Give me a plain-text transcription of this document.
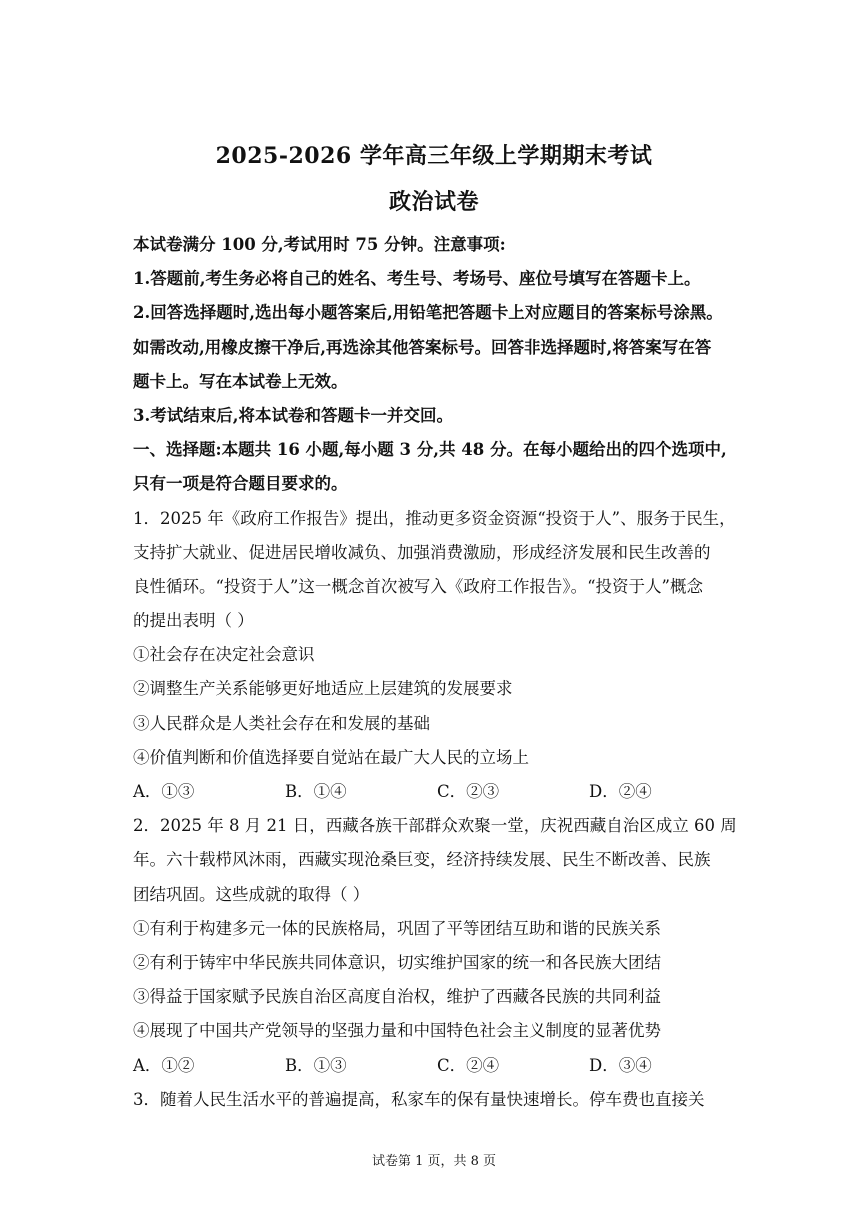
2025-2026 学年高三年级上学期期末考试
政治试卷
本试卷满分 100 分,考试用时 75 分钟。注意事项:
1.答题前,考生务必将自己的姓名、考生号、考场号、座位号填写在答题卡上。
2.回答选择题时,选出每小题答案后,用铅笔把答题卡上对应题目的答案标号涂黑。
如需改动,用橡皮擦干净后,再选涂其他答案标号。回答非选择题时,将答案写在答
题卡上。写在本试卷上无效。
3.考试结束后,将本试卷和答题卡一并交回。
一、选择题:本题共 16 小题,每小题 3 分,共 48 分。在每小题给出的四个选项中,
只有一项是符合题目要求的。
1．2025 年《政府工作报告》提出，推动更多资金资源“投资于人”、服务于民生，
支持扩大就业、促进居民增收减负、加强消费激励，形成经济发展和民生改善的
良性循环。“投资于人”这一概念首次被写入《政府工作报告》。“投资于人”概念
的提出表明（ ）
①社会存在决定社会意识
②调整生产关系能够更好地适应上层建筑的发展要求
③人民群众是人类社会存在和发展的基础
④价值判断和价值选择要自觉站在最广大人民的立场上
A．①③	B．①④	C．②③	D．②④
2．2025 年 8 月 21 日，西藏各族干部群众欢聚一堂，庆祝西藏自治区成立 60 周
年。六十载栉风沐雨，西藏实现沧桑巨变，经济持续发展、民生不断改善、民族
团结巩固。这些成就的取得（ ）
①有利于构建多元一体的民族格局，巩固了平等团结互助和谐的民族关系
②有利于铸牢中华民族共同体意识，切实维护国家的统一和各民族大团结
③得益于国家赋予民族自治区高度自治权，维护了西藏各民族的共同利益
④展现了中国共产党领导的坚强力量和中国特色社会主义制度的显著优势
A．①②	B．①③	C．②④	D．③④
3．随着人民生活水平的普遍提高，私家车的保有量快速增长。停车费也直接关
试卷第 1 页，共 8 页
